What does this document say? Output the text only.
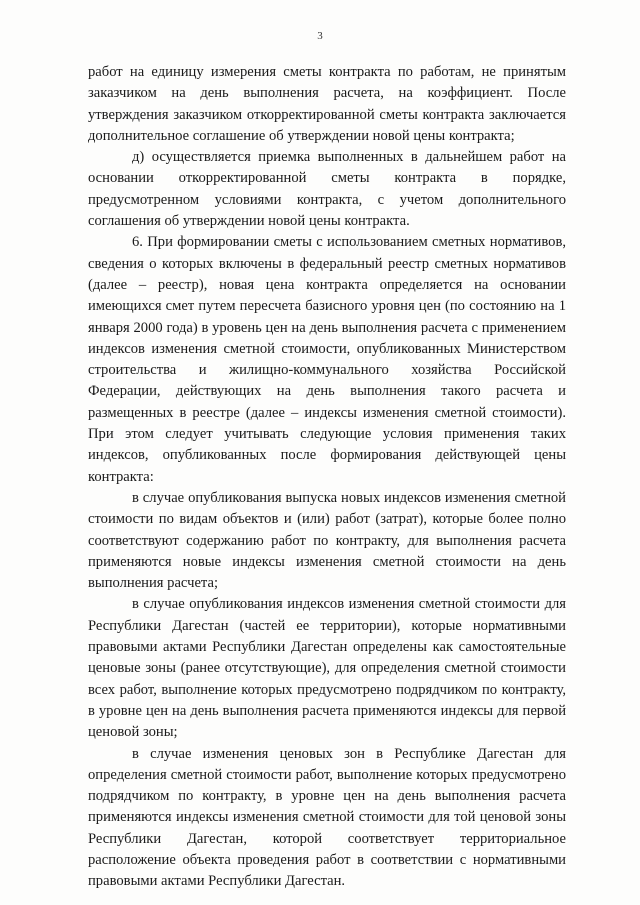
3

работ на единицу измерения сметы контракта по работам, не принятым заказчиком на день выполнения расчета, на коэффициент. После утверждения заказчиком откорректированной сметы контракта заключается дополнительное соглашение об утверждении новой цены контракта;

д) осуществляется приемка выполненных в дальнейшем работ на основании откорректированной сметы контракта в порядке, предусмотренном условиями контракта, с учетом дополнительного соглашения об утверждении новой цены контракта.

6. При формировании сметы с использованием сметных нормативов, сведения о которых включены в федеральный реестр сметных нормативов (далее – реестр), новая цена контракта определяется на основании имеющихся смет путем пересчета базисного уровня цен (по состоянию на 1 января 2000 года) в уровень цен на день выполнения расчета с применением индексов изменения сметной стоимости, опубликованных Министерством строительства и жилищно-коммунального хозяйства Российской Федерации, действующих на день выполнения такого расчета и размещенных в реестре (далее – индексы изменения сметной стоимости). При этом следует учитывать следующие условия применения таких индексов, опубликованных после формирования действующей цены контракта:

в случае опубликования выпуска новых индексов изменения сметной стоимости по видам объектов и (или) работ (затрат), которые более полно соответствуют содержанию работ по контракту, для выполнения расчета применяются новые индексы изменения сметной стоимости на день выполнения расчета;

в случае опубликования индексов изменения сметной стоимости для Республики Дагестан (частей ее территории), которые нормативными правовыми актами Республики Дагестан определены как самостоятельные ценовые зоны (ранее отсутствующие), для определения сметной стоимости всех работ, выполнение которых предусмотрено подрядчиком по контракту, в уровне цен на день выполнения расчета применяются индексы для первой ценовой зоны;

в случае изменения ценовых зон в Республике Дагестан для определения сметной стоимости работ, выполнение которых предусмотрено подрядчиком по контракту, в уровне цен на день выполнения расчета применяются индексы изменения сметной стоимости для той ценовой зоны Республики Дагестан, которой соответствует территориальное расположение объекта проведения работ в соответствии с нормативными правовыми актами Республики Дагестан.
